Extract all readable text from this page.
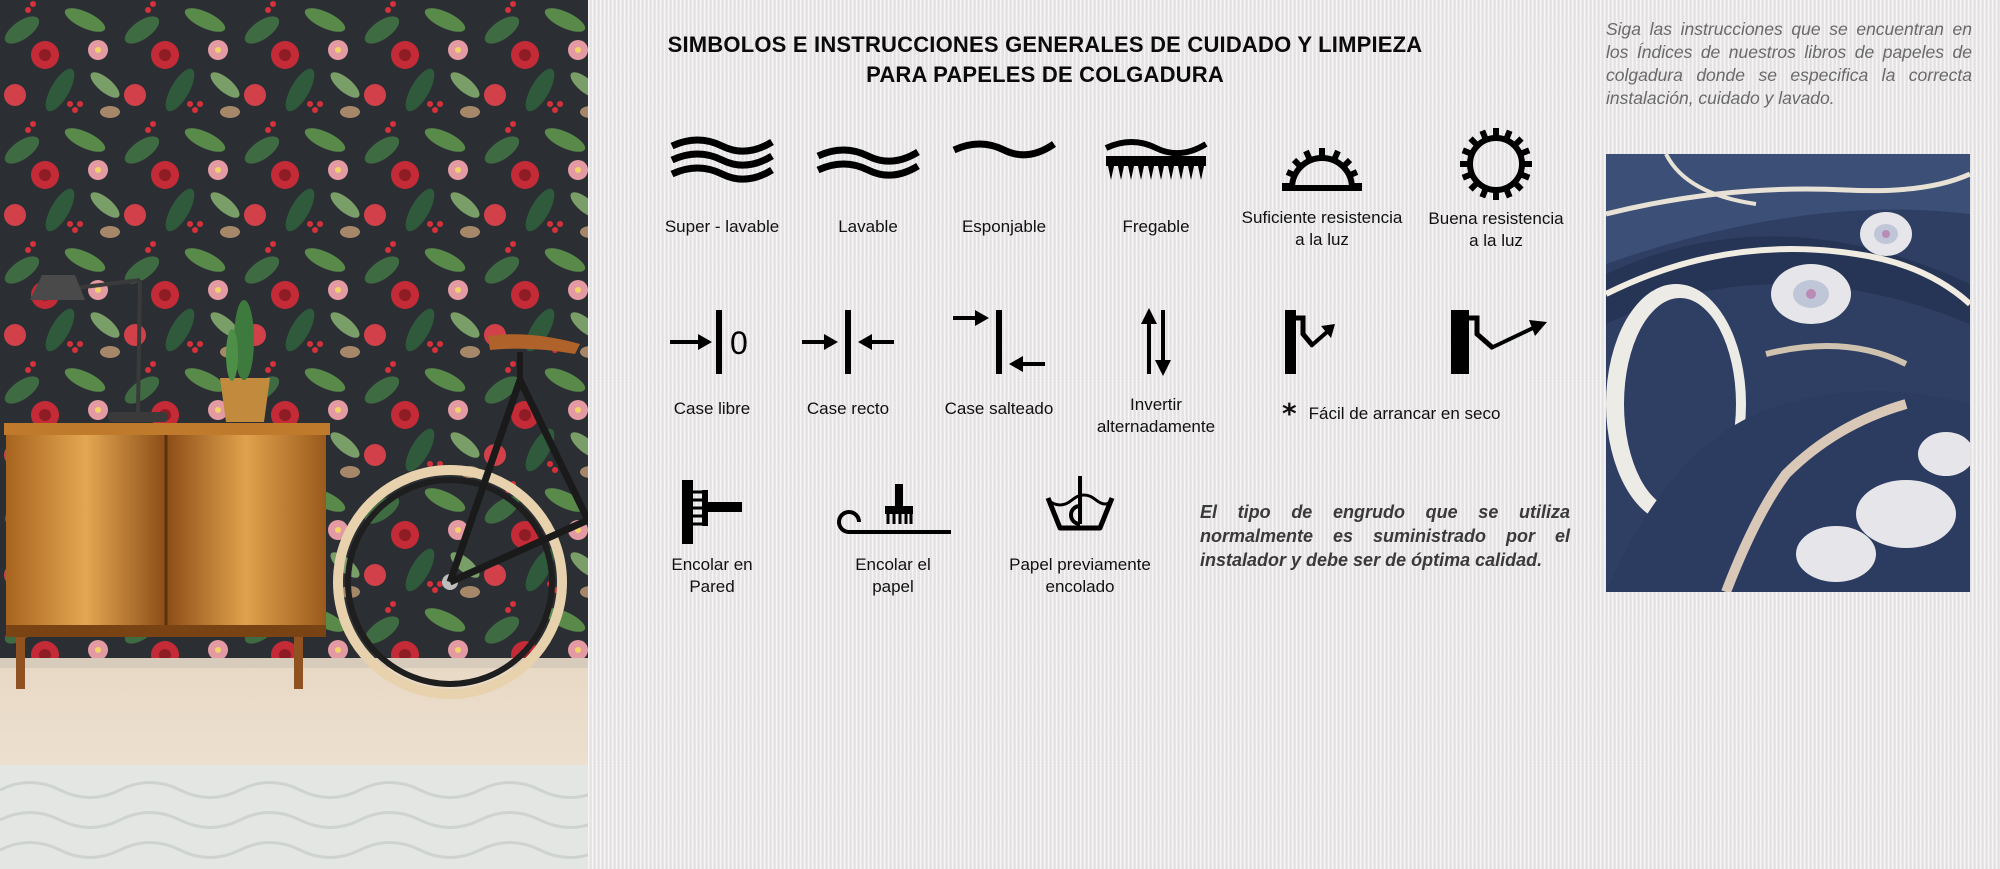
SIMBOLOS E INSTRUCCIONES GENERALES DE CUIDADO Y LIMPIEZA
PARA PAPELES DE COLGADURA
Super - lavable	Lavable	Esponjable	Fregable	Suficiente resistencia
a la luz
Buena resistencia
a la luz
0
Case libre	Case recto	Case salteado	Invertir
alternadamente	* Fácil de arrancar en seco
Encolar en
Pared
Encolar el
papel
Papel previamente
encolado
El tipo de engrudo que se utiliza
normalmente es suministrado por el
instalador y debe ser de óptima calidad.
Siga las instrucciones que se encuentran en
los Índices de nuestros libros de papeles de
colgadura donde se especifica la correcta
instalación, cuidado y lavado.
